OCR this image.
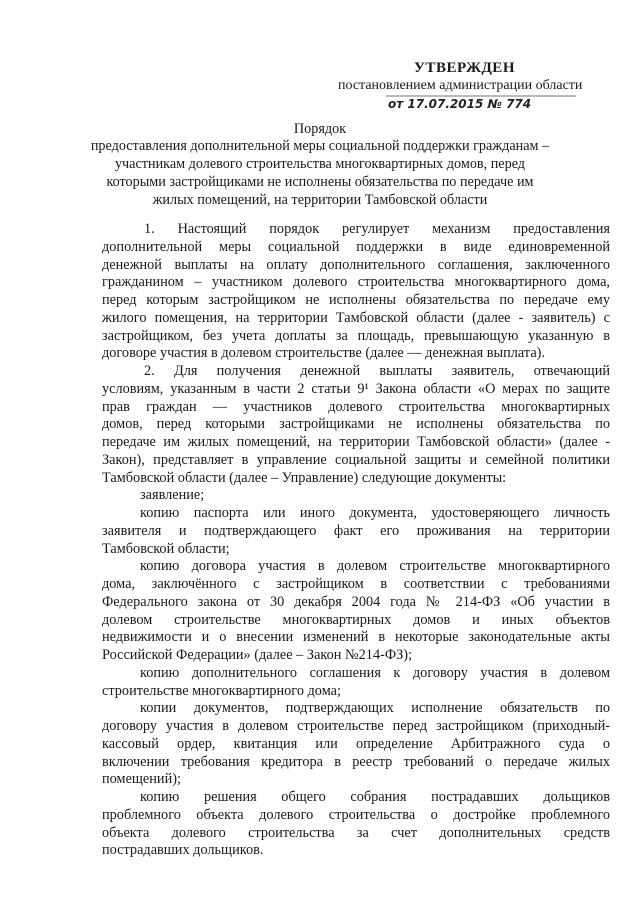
УТВЕРЖДЕН
постановлением администрации области
от 17.07.2015 № 774
Порядок
предоставления дополнительной меры социальной поддержки гражданам –
участникам долевого строительства многоквартирных домов, перед
которыми застройщиками не исполнены обязательства по передаче им
жилых помещений, на территории Тамбовской области
1. Настоящий порядок регулирует механизм предоставления
дополнительной меры социальной поддержки в виде единовременной
денежной выплаты на оплату дополнительного соглашения, заключенного
гражданином – участником долевого строительства многоквартирного дома,
перед которым застройщиком не исполнены обязательства по передаче ему
жилого помещения, на территории Тамбовской области (далее - заявитель) с
застройщиком, без учета доплаты за площадь, превышающую указанную в
договоре участия в долевом строительстве (далее — денежная выплата).
2. Для получения денежной выплаты заявитель, отвечающий
условиям, указанным в части 2 статьи 9¹ Закона области «О мерах по защите
прав граждан — участников долевого строительства многоквартирных
домов, перед которыми застройщиками не исполнены обязательства по
передаче им жилых помещений, на территории Тамбовской области» (далее -
Закон), представляет в управление социальной защиты и семейной политики
Тамбовской области (далее – Управление) следующие документы:
заявление;
копию паспорта или иного документа, удостоверяющего личность
заявителя и подтверждающего факт его проживания на территории
Тамбовской области;
копию договора участия в долевом строительстве многоквартирного
дома, заключённого с застройщиком в соответствии с требованиями
Федерального закона от 30 декабря 2004 года № 214-ФЗ «Об участии в
долевом строительстве многоквартирных домов и иных объектов
недвижимости и о внесении изменений в некоторые законодательные акты
Российской Федерации» (далее – Закон №214-ФЗ);
копию дополнительного соглашения к договору участия в долевом
строительстве многоквартирного дома;
копии документов, подтверждающих исполнение обязательств по
договору участия в долевом строительстве перед застройщиком (приходный-
кассовый ордер, квитанция или определение Арбитражного суда о
включении требования кредитора в реестр требований о передаче жилых
помещений);
копию решения общего собрания пострадавших дольщиков
проблемного объекта долевого строительства о достройке проблемного
объекта долевого строительства за счет дополнительных средств
пострадавших дольщиков.
